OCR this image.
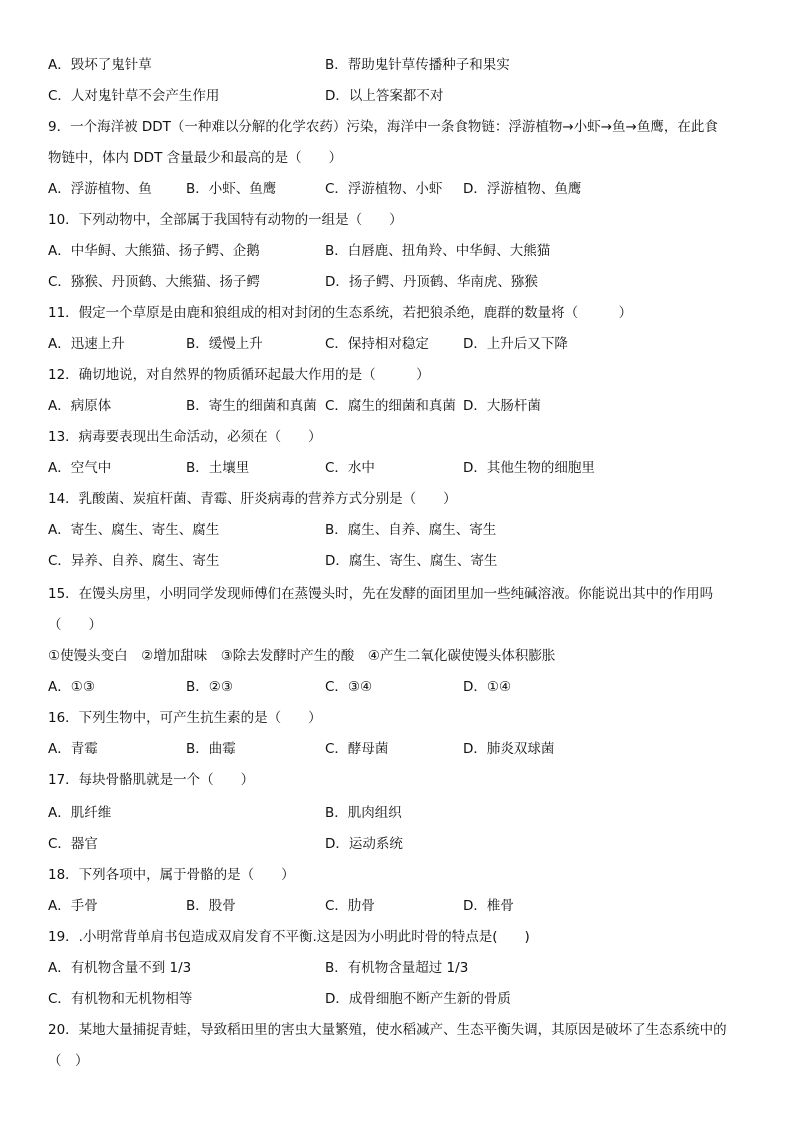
A．毁坏了鬼针草	B．帮助鬼针草传播种子和果实
C．人对鬼针草不会产生作用	D．以上答案都不对
9．一个海洋被 DDT（一种难以分解的化学农药）污染，海洋中一条食物链：浮游植物→小虾→鱼→鱼鹰，在此食
物链中，体内 DDT 含量最少和最高的是（　　）
A．浮游植物、鱼	B．小虾、鱼鹰	C．浮游植物、小虾 D．浮游植物、鱼鹰
10．下列动物中，全部属于我国特有动物的一组是（　　）
A．中华鲟、大熊猫、扬子鳄、企鹅	B．白唇鹿、扭角羚、中华鲟、大熊猫
C．猕猴、丹顶鹤、大熊猫、扬子鳄	D．扬子鳄、丹顶鹤、华南虎、猕猴
11．假定一个草原是由鹿和狼组成的相对封闭的生态系统，若把狼杀绝，鹿群的数量将（　　　）
A．迅速上升	B．缓慢上升	C．保持相对稳定	D．上升后又下降
12．确切地说，对自然界的物质循环起最大作用的是（　　　）
A．病原体	B．寄生的细菌和真菌 C．腐生的细菌和真菌 D．大肠杆菌
13．病毒要表现出生命活动，必须在（　　）
A．空气中	B．土壤里	C．水中	D．其他生物的细胞里
14．乳酸菌、炭疽杆菌、青霉、肝炎病毒的营养方式分别是（　　）
A．寄生、腐生、寄生、腐生	B．腐生、自养、腐生、寄生
C．异养、自养、腐生、寄生	D．腐生、寄生、腐生、寄生
15．在馒头房里，小明同学发现师傅们在蒸馒头时，先在发酵的面团里加一些纯碱溶液。你能说出其中的作用吗
（　　）
①使馒头变白　②增加甜味　③除去发酵时产生的酸　④产生二氧化碳使馒头体积膨胀
A．①③	B．②③	C．③④	D．①④
16．下列生物中，可产生抗生素的是（　　）
A．青霉	B．曲霉	C．酵母菌	D．肺炎双球菌
17．每块骨骼肌就是一个（　　）
A．肌纤维	B．肌肉组织
C．器官	D．运动系统
18．下列各项中，属于骨骼的是（　　）
A．手骨	B．股骨	C．肋骨	D．椎骨
19．.小明常背单肩书包造成双肩发育不平衡.这是因为小明此时骨的特点是(　　)
A．有机物含量不到 1/3	B．有机物含量超过 1/3
C．有机物和无机物相等	D．成骨细胞不断产生新的骨质
20．某地大量捕捉青蛙，导致稻田里的害虫大量繁殖，使水稻减产、生态平衡失调，其原因是破坏了生态系统中的
（　）
